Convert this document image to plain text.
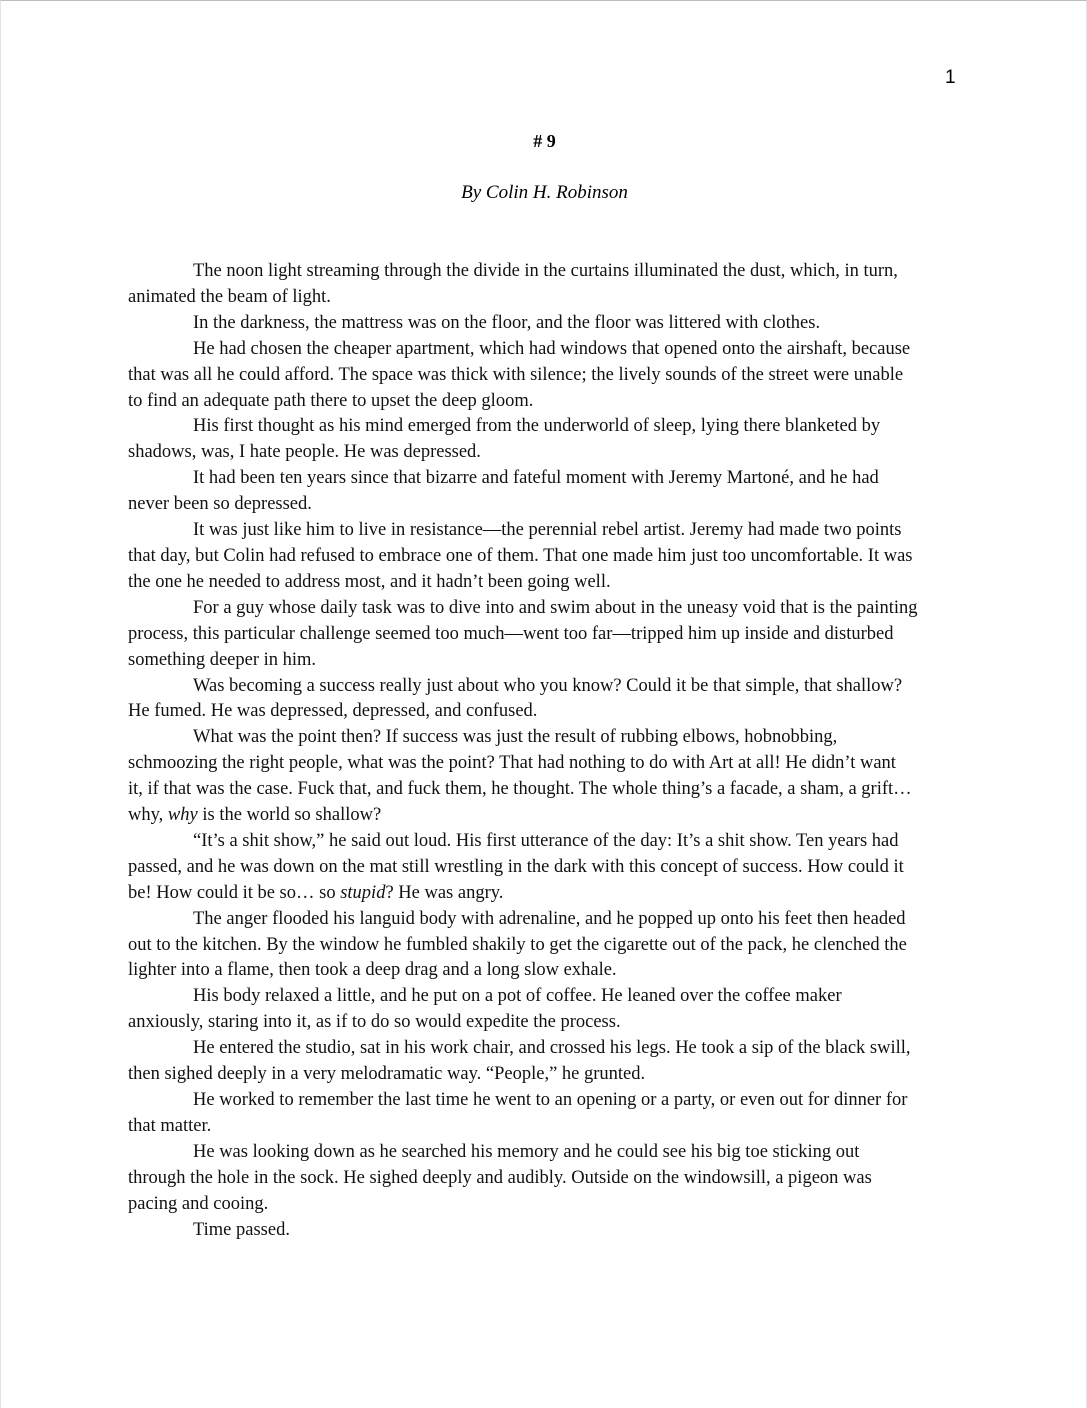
1
# 9
By Colin H. Robinson

The noon light streaming through the divide in the curtains illuminated the dust, which, in turn,
animated the beam of light.

In the darkness, the mattress was on the floor, and the floor was littered with clothes.

He had chosen the cheaper apartment, which had windows that opened onto the airshaft, because
that was all he could afford. The space was thick with silence; the lively sounds of the street were unable
to find an adequate path there to upset the deep gloom.

His first thought as his mind emerged from the underworld of sleep, lying there blanketed by
shadows, was, I hate people. He was depressed.

It had been ten years since that bizarre and fateful moment with Jeremy Martoné, and he had
never been so depressed.

It was just like him to live in resistance—the perennial rebel artist. Jeremy had made two points
that day, but Colin had refused to embrace one of them. That one made him just too uncomfortable. It was
the one he needed to address most, and it hadn’t been going well.

For a guy whose daily task was to dive into and swim about in the uneasy void that is the painting
process, this particular challenge seemed too much—went too far—tripped him up inside and disturbed
something deeper in him.

Was becoming a success really just about who you know? Could it be that simple, that shallow?
He fumed. He was depressed, depressed, and confused.

What was the point then? If success was just the result of rubbing elbows, hobnobbing,
schmoozing the right people, what was the point? That had nothing to do with Art at all! He didn’t want
it, if that was the case. Fuck that, and fuck them, he thought. The whole thing’s a facade, a sham, a grift…
why, why is the world so shallow?

“It’s a shit show,” he said out loud. His first utterance of the day: It’s a shit show. Ten years had
passed, and he was down on the mat still wrestling in the dark with this concept of success. How could it
be! How could it be so… so stupid? He was angry.

The anger flooded his languid body with adrenaline, and he popped up onto his feet then headed
out to the kitchen. By the window he fumbled shakily to get the cigarette out of the pack, he clenched the
lighter into a flame, then took a deep drag and a long slow exhale.

His body relaxed a little, and he put on a pot of coffee. He leaned over the coffee maker
anxiously, staring into it, as if to do so would expedite the process.

He entered the studio, sat in his work chair, and crossed his legs. He took a sip of the black swill,
then sighed deeply in a very melodramatic way. “People,” he grunted.

He worked to remember the last time he went to an opening or a party, or even out for dinner for
that matter.

He was looking down as he searched his memory and he could see his big toe sticking out
through the hole in the sock. He sighed deeply and audibly. Outside on the windowsill, a pigeon was
pacing and cooing.

Time passed.
